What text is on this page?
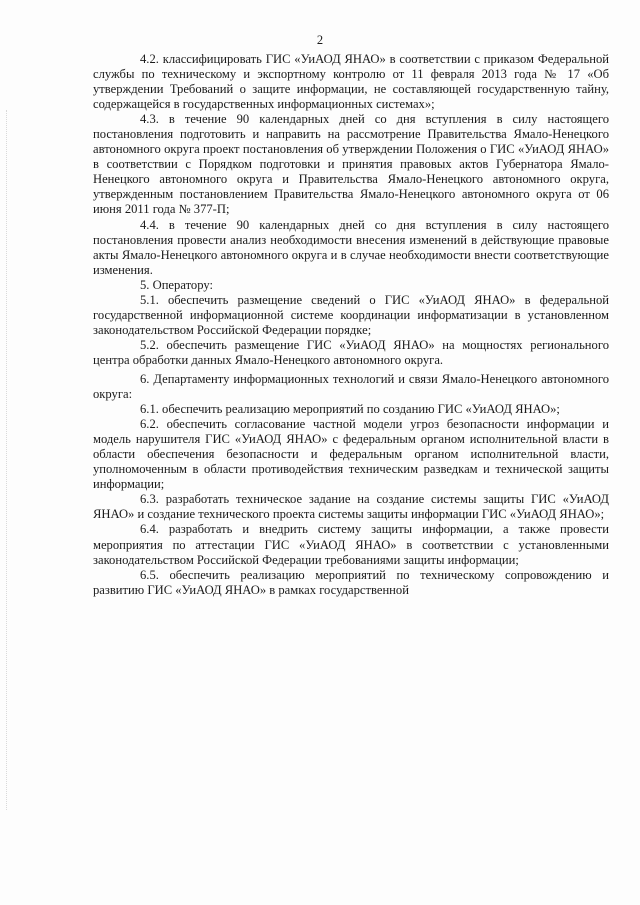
2

4.2. классифицировать ГИС «УиАОД ЯНАО» в соответствии с приказом Федеральной службы по техническому и экспортному контролю от 11 февраля 2013 года № 17 «Об утверждении Требований о защите информации, не составляющей государственную тайну, содержащейся в государственных информационных системах»;

4.3. в течение 90 календарных дней со дня вступления в силу настоящего постановления подготовить и направить на рассмотрение Правительства Ямало-Ненецкого автономного округа проект постановления об утверждении Положения о ГИС «УиАОД ЯНАО» в соответствии с Порядком подготовки и принятия правовых актов Губернатора Ямало-Ненецкого автономного округа и Правительства Ямало-Ненецкого автономного округа, утвержденным постановлением Правительства Ямало-Ненецкого автономного округа от 06 июня 2011 года № 377-П;

4.4. в течение 90 календарных дней со дня вступления в силу настоящего постановления провести анализ необходимости внесения изменений в действующие правовые акты Ямало-Ненецкого автономного округа и в случае необходимости внести соответствующие изменения.

5. Оператору:

5.1. обеспечить размещение сведений о ГИС «УиАОД ЯНАО» в федеральной государственной информационной системе координации информатизации в установленном законодательством Российской Федерации порядке;

5.2. обеспечить размещение ГИС «УиАОД ЯНАО» на мощностях регионального центра обработки данных Ямало-Ненецкого автономного округа.

6. Департаменту информационных технологий и связи Ямало-Ненецкого автономного округа:

6.1. обеспечить реализацию мероприятий по созданию ГИС «УиАОД ЯНАО»;

6.2. обеспечить согласование частной модели угроз безопасности информации и модель нарушителя ГИС «УиАОД ЯНАО» с федеральным органом исполнительной власти в области обеспечения безопасности и федеральным органом исполнительной власти, уполномоченным в области противодействия техническим разведкам и технической защиты информации;

6.3. разработать техническое задание на создание системы защиты ГИС «УиАОД ЯНАО» и создание технического проекта системы защиты информации ГИС «УиАОД ЯНАО»;

6.4. разработать и внедрить систему защиты информации, а также провести мероприятия по аттестации ГИС «УиАОД ЯНАО» в соответствии с установленными законодательством Российской Федерации требованиями защиты информации;

6.5. обеспечить реализацию мероприятий по техническому сопровождению и развитию ГИС «УиАОД ЯНАО» в рамках государственной
